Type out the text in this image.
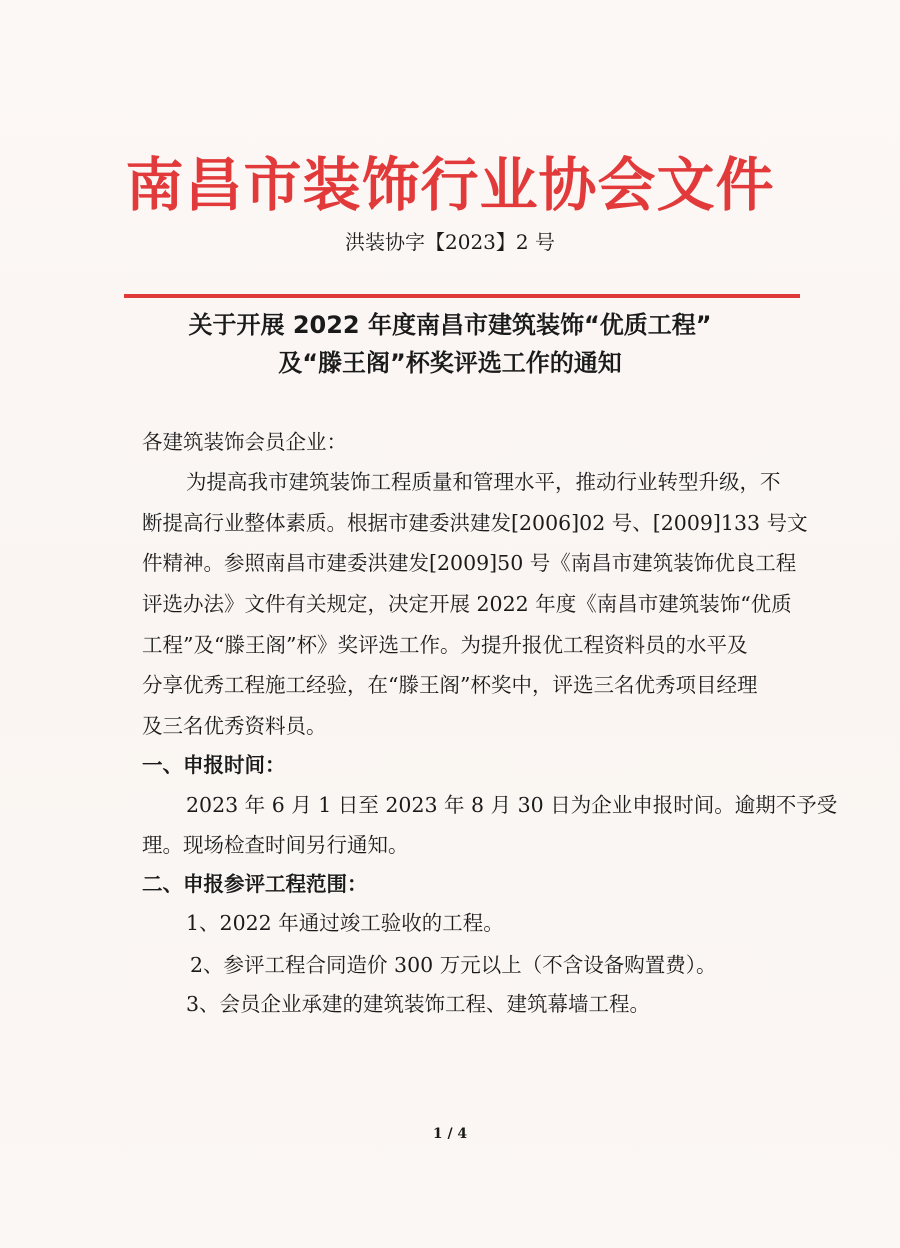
南昌市装饰行业协会文件
洪装协字【2023】2 号
关于开展 2022 年度南昌市建筑装饰“优质工程”
及“滕王阁”杯奖评选工作的通知
各建筑装饰会员企业：
为提高我市建筑装饰工程质量和管理水平，推动行业转型升级，不
断提高行业整体素质。根据市建委洪建发[2006]02 号、[2009]133 号文
件精神。参照南昌市建委洪建发[2009]50 号《南昌市建筑装饰优良工程
评选办法》文件有关规定，决定开展 2022 年度《南昌市建筑装饰“优质
工程”及“滕王阁”杯》奖评选工作。为提升报优工程资料员的水平及
分享优秀工程施工经验，在“滕王阁”杯奖中，评选三名优秀项目经理
及三名优秀资料员。
一、申报时间：
2023 年 6 月 1 日至 2023 年 8 月 30 日为企业申报时间。逾期不予受
理。现场检查时间另行通知。
二、申报参评工程范围：
1、2022 年通过竣工验收的工程。
2、参评工程合同造价 300 万元以上（不含设备购置费）。
3、会员企业承建的建筑装饰工程、建筑幕墙工程。
1 / 4
